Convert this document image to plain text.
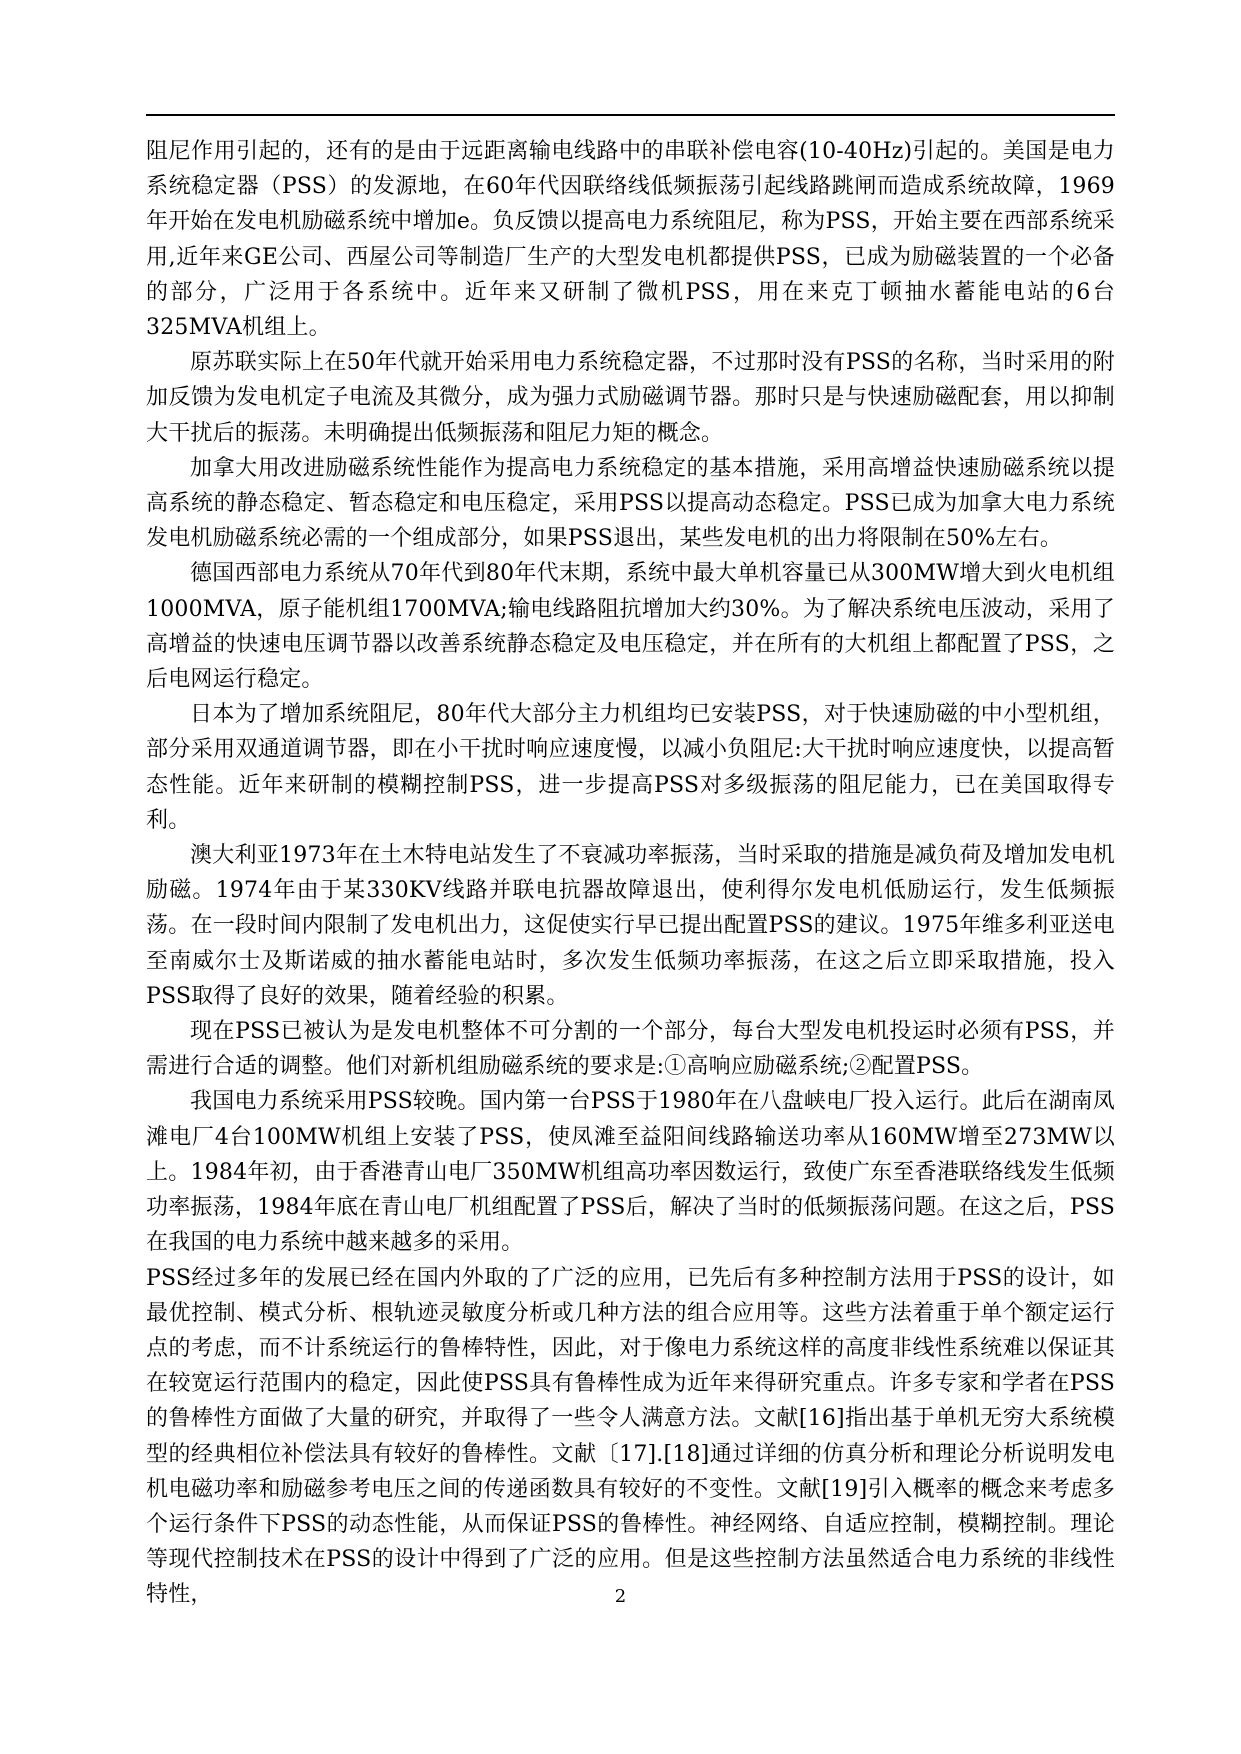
阻尼作用引起的，还有的是由于远距离输电线路中的串联补偿电容(10-40Hz)引起的。美国是电力系统稳定器（PSS）的发源地，在60年代因联络线低频振荡引起线路跳闸而造成系统故障，1969年开始在发电机励磁系统中增加e。负反馈以提高电力系统阻尼，称为PSS，开始主要在西部系统采用,近年来GE公司、西屋公司等制造厂生产的大型发电机都提供PSS，已成为励磁装置的一个必备的部分，广泛用于各系统中。近年来又研制了微机PSS，用在来克丁顿抽水蓄能电站的6台325MVA机组上。

原苏联实际上在50年代就开始采用电力系统稳定器，不过那时没有PSS的名称，当时采用的附加反馈为发电机定子电流及其微分，成为强力式励磁调节器。那时只是与快速励磁配套，用以抑制大干扰后的振荡。未明确提出低频振荡和阻尼力矩的概念。

加拿大用改进励磁系统性能作为提高电力系统稳定的基本措施，采用高增益快速励磁系统以提高系统的静态稳定、暂态稳定和电压稳定，采用PSS以提高动态稳定。PSS已成为加拿大电力系统发电机励磁系统必需的一个组成部分，如果PSS退出，某些发电机的出力将限制在50%左右。

德国西部电力系统从70年代到80年代末期，系统中最大单机容量已从300MW增大到火电机组1000MVA，原子能机组1700MVA;输电线路阻抗增加大约30%。为了解决系统电压波动，采用了高增益的快速电压调节器以改善系统静态稳定及电压稳定，并在所有的大机组上都配置了PSS，之后电网运行稳定。

日本为了增加系统阻尼，80年代大部分主力机组均已安装PSS，对于快速励磁的中小型机组，部分采用双通道调节器，即在小干扰时响应速度慢，以减小负阻尼:大干扰时响应速度快，以提高暂态性能。近年来研制的模糊控制PSS，进一步提高PSS对多级振荡的阻尼能力，已在美国取得专利。

澳大利亚1973年在土木特电站发生了不衰减功率振荡，当时采取的措施是减负荷及增加发电机励磁。1974年由于某330KV线路并联电抗器故障退出，使利得尔发电机低励运行，发生低频振荡。在一段时间内限制了发电机出力，这促使实行早已提出配置PSS的建议。1975年维多利亚送电至南威尔士及斯诺威的抽水蓄能电站时，多次发生低频功率振荡，在这之后立即采取措施，投入PSS取得了良好的效果，随着经验的积累。

现在PSS已被认为是发电机整体不可分割的一个部分，每台大型发电机投运时必须有PSS，并需进行合适的调整。他们对新机组励磁系统的要求是:①高响应励磁系统;②配置PSS。

我国电力系统采用PSS较晚。国内第一台PSS于1980年在八盘峡电厂投入运行。此后在湖南凤滩电厂4台100MW机组上安装了PSS，使凤滩至益阳间线路输送功率从160MW增至273MW以上。1984年初，由于香港青山电厂350MW机组高功率因数运行，致使广东至香港联络线发生低频功率振荡，1984年底在青山电厂机组配置了PSS后，解决了当时的低频振荡问题。在这之后，PSS在我国的电力系统中越来越多的采用。

PSS经过多年的发展已经在国内外取的了广泛的应用，已先后有多种控制方法用于PSS的设计，如最优控制、模式分析、根轨迹灵敏度分析或几种方法的组合应用等。这些方法着重于单个额定运行点的考虑，而不计系统运行的鲁棒特性，因此，对于像电力系统这样的高度非线性系统难以保证其在较宽运行范围内的稳定，因此使PSS具有鲁棒性成为近年来得研究重点。许多专家和学者在PSS的鲁棒性方面做了大量的研究，并取得了一些令人满意方法。文献[16]指出基于单机无穷大系统模型的经典相位补偿法具有较好的鲁棒性。文献〔17].[18]通过详细的仿真分析和理论分析说明发电机电磁功率和励磁参考电压之间的传递函数具有较好的不变性。文献[19]引入概率的概念来考虑多个运行条件下PSS的动态性能，从而保证PSS的鲁棒性。神经网络、自适应控制，模糊控制。理论等现代控制技术在PSS的设计中得到了广泛的应用。但是这些控制方法虽然适合电力系统的非线性特性，	2
